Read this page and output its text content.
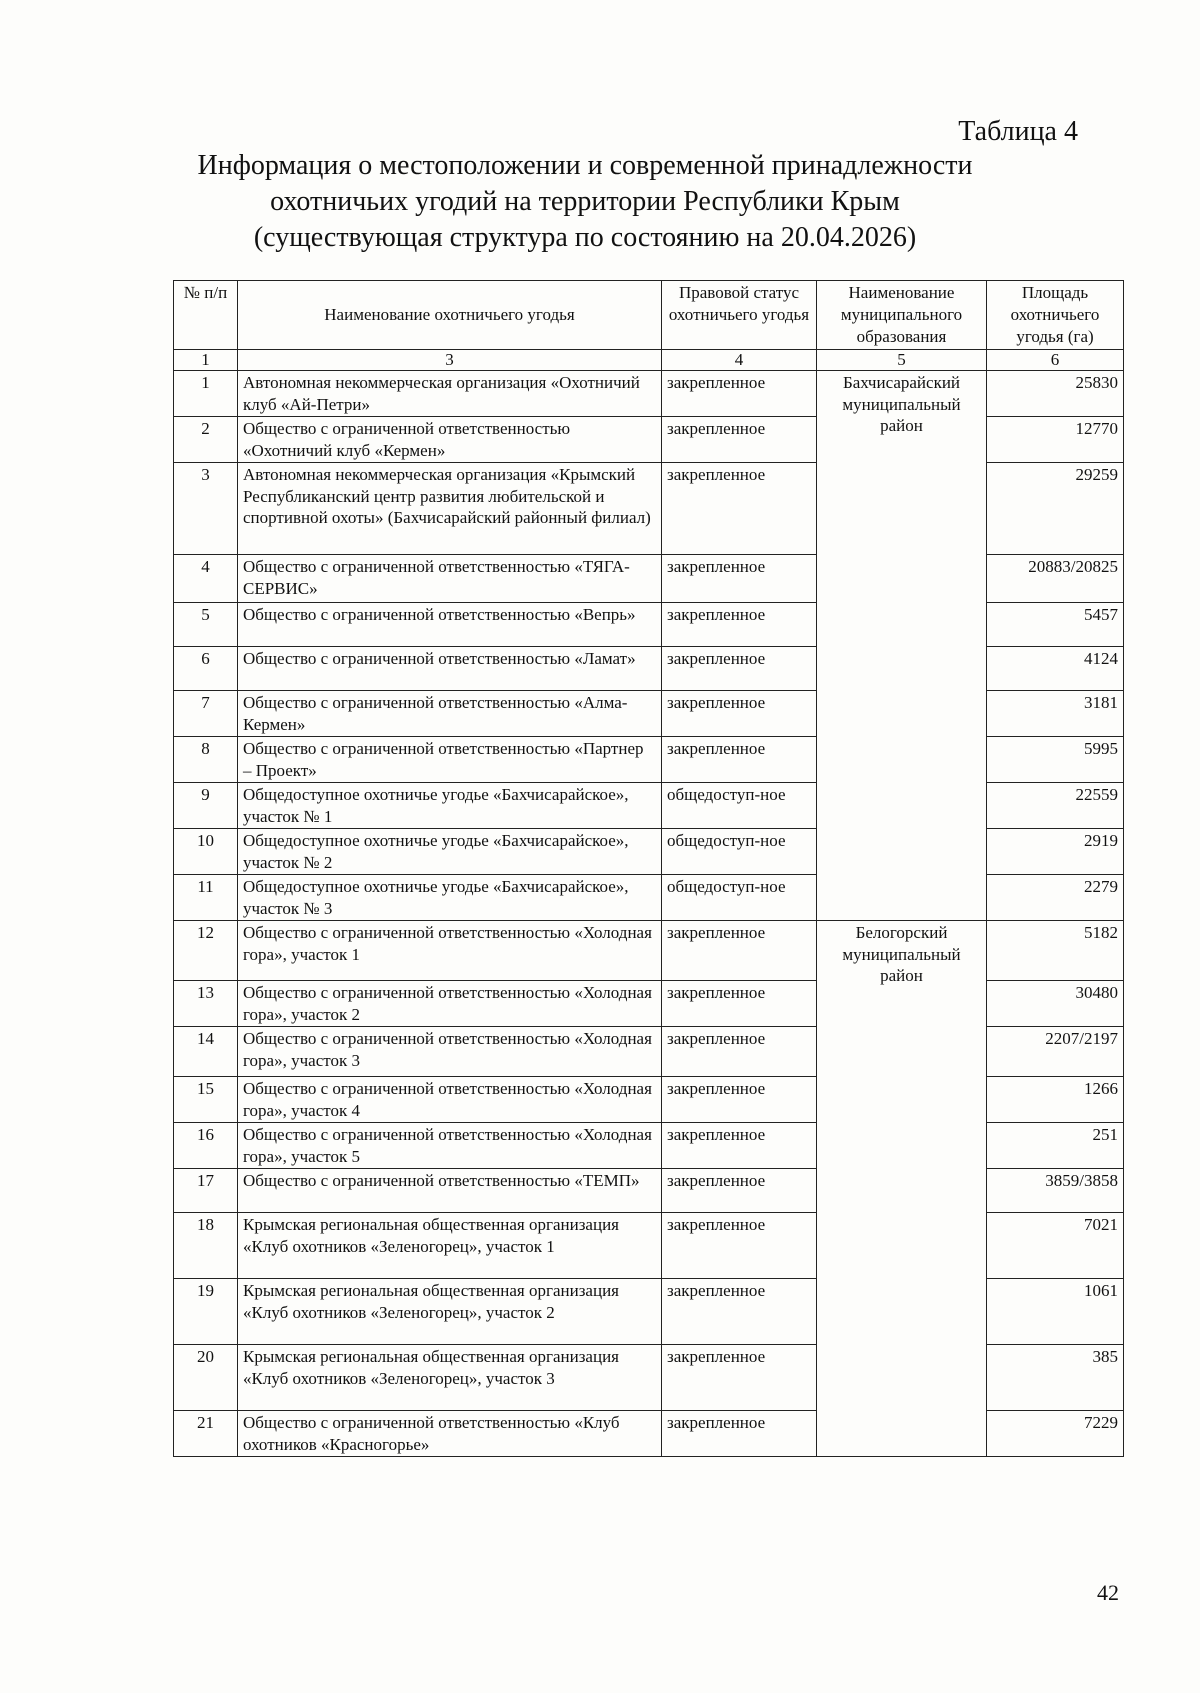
Таблица 4
Информация о местоположении и современной принадлежности
охотничьих угодий на территории Республики Крым
(существующая структура по состоянию на 20.04.2026)
№ п/п	Наименование охотничьего угодья	Правовой статус охотничьего угодья	Наименование муниципального образования	Площадь охотничьего угодья (га)
1	3	4	5	6
1	Автономная некоммерческая организация «Охотничий клуб «Ай-Петри»	закрепленное	Бахчисарайский муниципальный район	25830
2	Общество с ограниченной ответственностью «Охотничий клуб «Кермен»	закрепленное		12770
3	Автономная некоммерческая организация «Крымский Республиканский центр развития любительской и спортивной охоты» (Бахчисарайский районный филиал)	закрепленное		29259
4	Общество с ограниченной ответственностью «ТЯГА-СЕРВИС»	закрепленное		20883/20825
5	Общество с ограниченной ответственностью «Вепрь»	закрепленное		5457
6	Общество с ограниченной ответственностью «Ламат»	закрепленное		4124
7	Общество с ограниченной ответственностью «Алма-Кермен»	закрепленное		3181
8	Общество с ограниченной ответственностью «Партнер – Проект»	закрепленное		5995
9	Общедоступное охотничье угодье «Бахчисарайское», участок № 1	общедоступ-ное		22559
10	Общедоступное охотничье угодье «Бахчисарайское», участок № 2	общедоступ-ное		2919
11	Общедоступное охотничье угодье «Бахчисарайское», участок № 3	общедоступ-ное		2279
12	Общество с ограниченной ответственностью «Холодная гора», участок 1	закрепленное	Белогорский муниципальный район	5182
13	Общество с ограниченной ответственностью «Холодная гора», участок 2	закрепленное		30480
14	Общество с ограниченной ответственностью «Холодная гора», участок 3	закрепленное		2207/2197
15	Общество с ограниченной ответственностью «Холодная гора», участок 4	закрепленное		1266
16	Общество с ограниченной ответственностью «Холодная гора», участок 5	закрепленное		251
17	Общество с ограниченной ответственностью «ТЕМП»	закрепленное		3859/3858
18	Крымская региональная общественная организация «Клуб охотников «Зеленогорец», участок 1	закрепленное		7021
19	Крымская региональная общественная организация «Клуб охотников «Зеленогорец», участок 2	закрепленное		1061
20	Крымская региональная общественная организация «Клуб охотников «Зеленогорец», участок 3	закрепленное		385
21	Общество с ограниченной ответственностью «Клуб охотников «Красногорье»	закрепленное		7229
42
